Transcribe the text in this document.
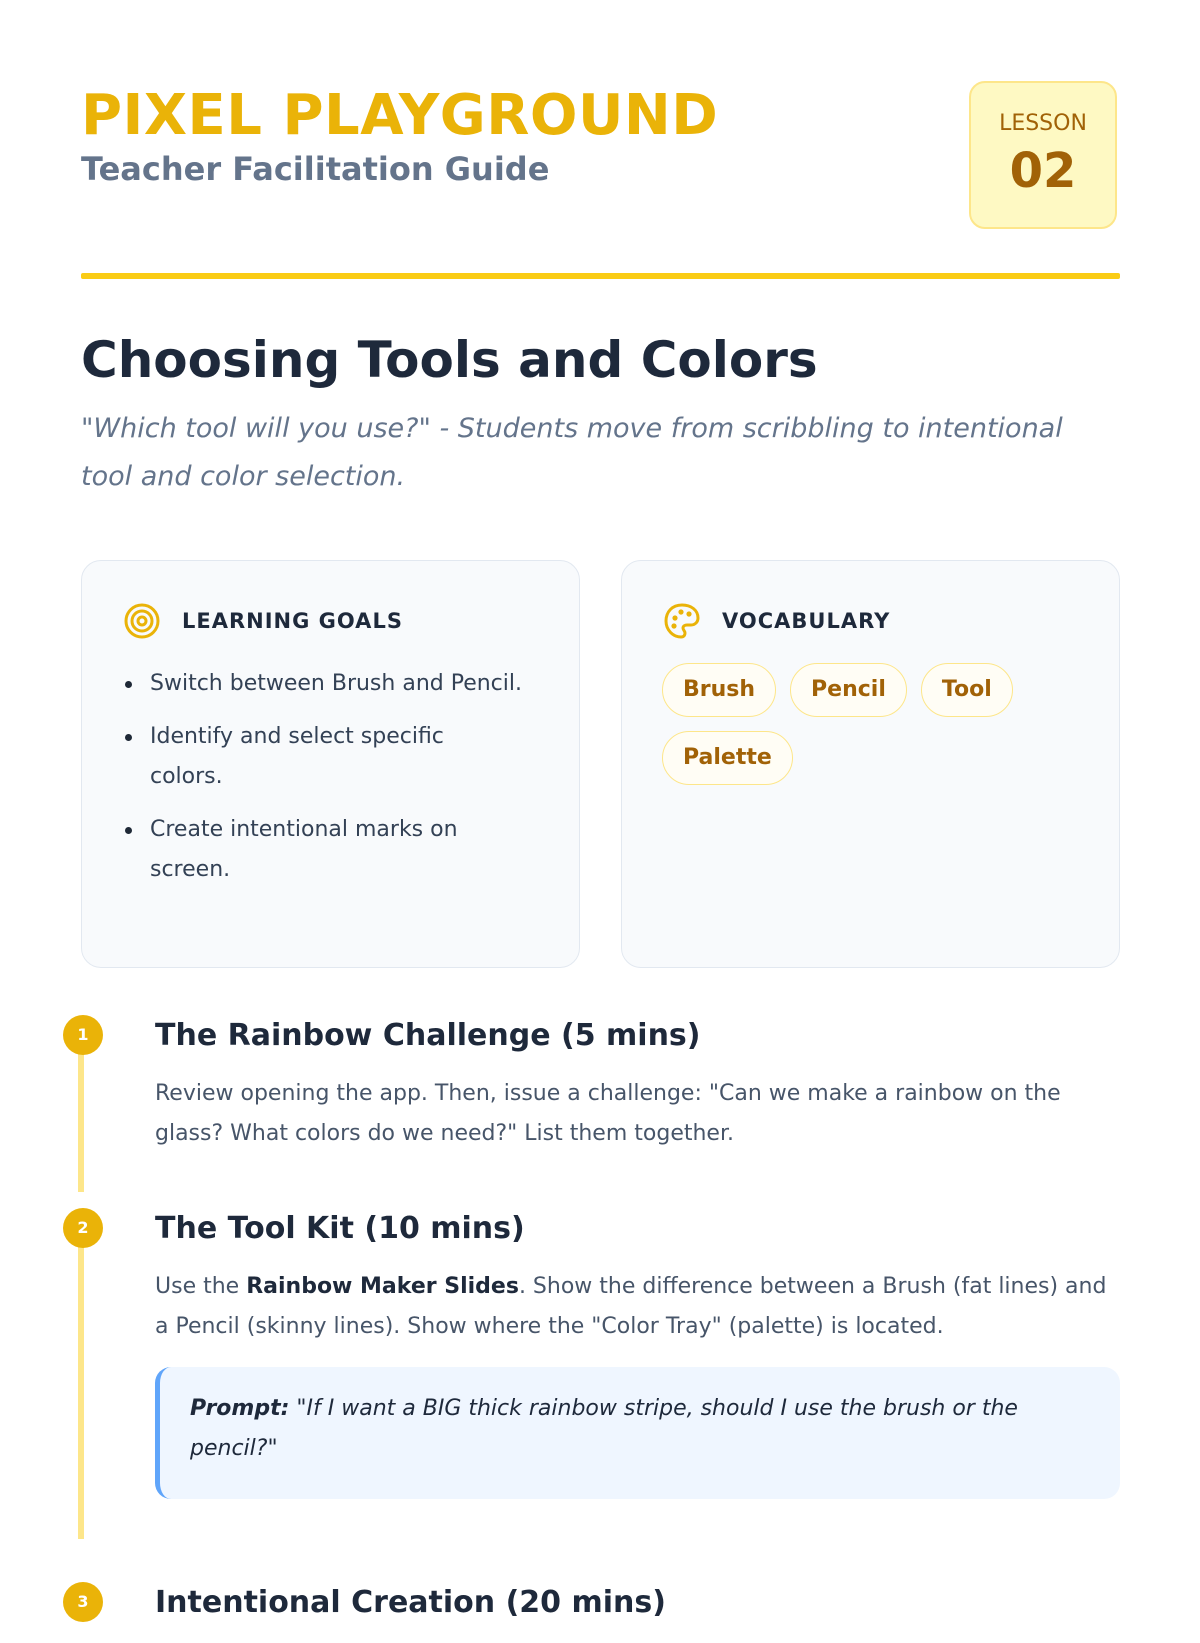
PIXEL PLAYGROUND
Teacher Facilitation Guide
LESSON
02
Choosing Tools and Colors

"Which tool will you use?" - Students move from scribbling to intentional tool and color selection.

LEARNING GOALS
Switch between Brush and Pencil.
Identify and select specific colors.
Create intentional marks on screen.
VOCABULARY
Brush	Pencil	Tool
Palette
1	The Rainbow Challenge (5 mins)

Review opening the app. Then, issue a challenge: "Can we make a rainbow on the glass? What colors do we need?" List them together.

2	The Tool Kit (10 mins)

Use the Rainbow Maker Slides. Show the difference between a Brush (fat lines) and a Pencil (skinny lines). Show where the "Color Tray" (palette) is located.

Prompt: "If I want a BIG thick rainbow stripe, should I use the brush or the pencil?"
3	Intentional Creation (20 mins)
